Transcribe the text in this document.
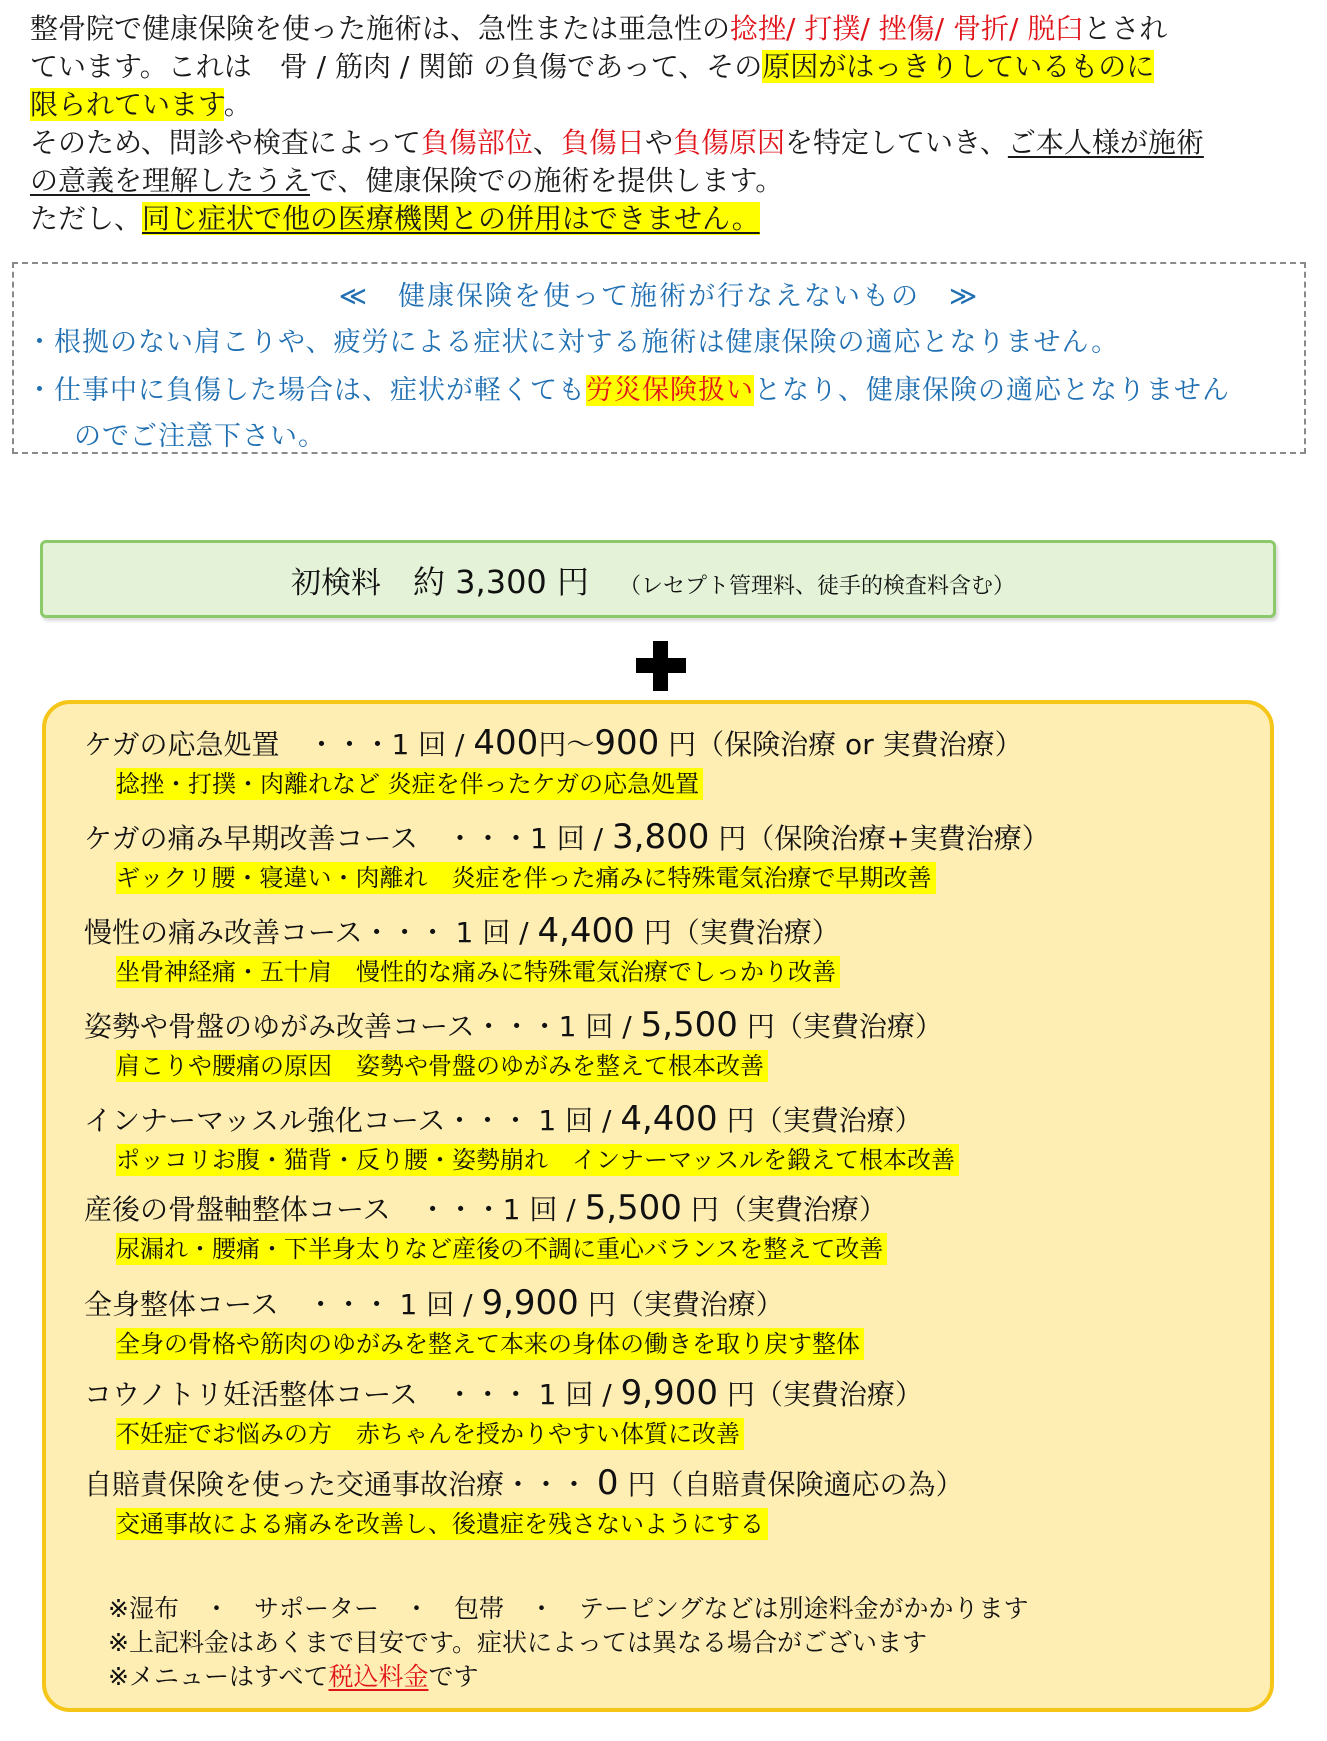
整骨院で健康保険を使った施術は、急性または亜急性の捻挫/ 打撲/ 挫傷/ 骨折/ 脱臼とされ

ています。これは　骨 / 筋肉 / 関節 の負傷であって、その原因がはっきりしているものに

限られています。

そのため、問診や検査によって負傷部位、負傷日や負傷原因を特定していき、ご本人様が施術

の意義を理解したうえで、健康保険での施術を提供します。

ただし、同じ症状で他の医療機関との併用はできません。

≪　健康保険を使って施術が行なえないもの　≫
・根拠のない肩こりや、疲労による症状に対する施術は健康保険の適応となりません。
・仕事中に負傷した場合は、症状が軽くても労災保険扱いとなり、健康保険の適応となりません
のでご注意下さい。
初検料 約 3,300 円 （レセプト管理料、徒手的検査料含む）
ケガの応急処置　・・・1 回 / 400円～900 円（保険治療 or 実費治療）
捻挫・打撲・肉離れなど 炎症を伴ったケガの応急処置
ケガの痛み早期改善コース　・・・1 回 / 3,800 円（保険治療+実費治療）
ギックリ腰・寝違い・肉離れ　炎症を伴った痛みに特殊電気治療で早期改善
慢性の痛み改善コース・・・ 1 回 / 4,400 円（実費治療）
坐骨神経痛・五十肩　慢性的な痛みに特殊電気治療でしっかり改善
姿勢や骨盤のゆがみ改善コース・・・1 回 / 5,500 円（実費治療）
肩こりや腰痛の原因　姿勢や骨盤のゆがみを整えて根本改善
インナーマッスル強化コース・・・ 1 回 / 4,400 円（実費治療）
ポッコリお腹・猫背・反り腰・姿勢崩れ　インナーマッスルを鍛えて根本改善
産後の骨盤軸整体コース　・・・1 回 / 5,500 円（実費治療）
尿漏れ・腰痛・下半身太りなど産後の不調に重心バランスを整えて改善
全身整体コース　・・・ 1 回 / 9,900 円（実費治療）
全身の骨格や筋肉のゆがみを整えて本来の身体の働きを取り戻す整体
コウノトリ妊活整体コース　・・・ 1 回 / 9,900 円（実費治療）
不妊症でお悩みの方　赤ちゃんを授かりやすい体質に改善
自賠責保険を使った交通事故治療・・・ 0 円（自賠責保険適応の為）
交通事故による痛みを改善し、後遺症を残さないようにする
※湿布　・　サポーター　・　包帯　・　テーピングなどは別途料金がかかります
※上記料金はあくまで目安です。症状によっては異なる場合がございます
※メニューはすべて税込料金です
